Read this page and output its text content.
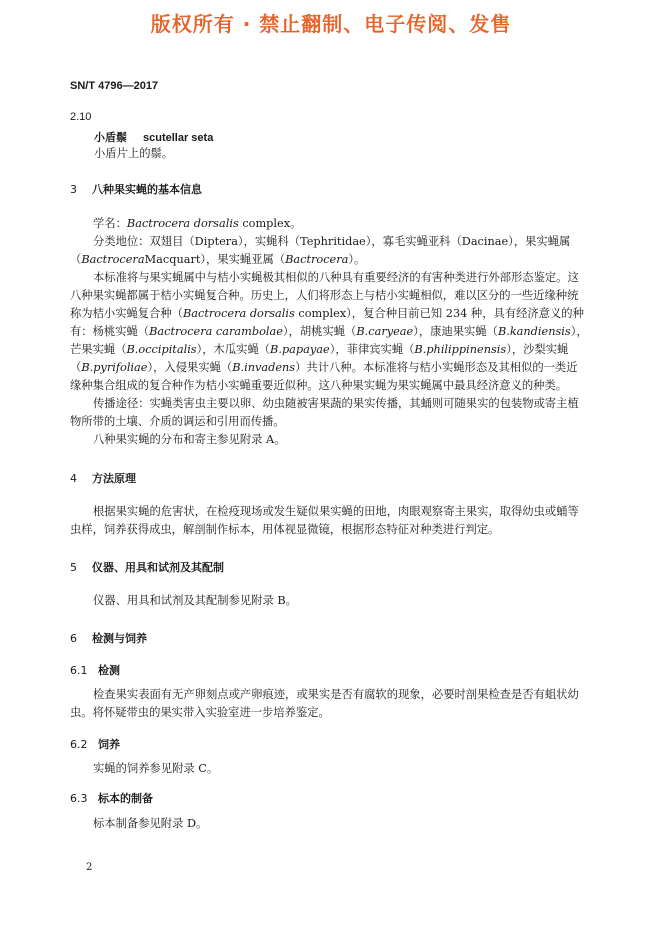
版权所有 · 禁止翻制、电子传阅、发售
SN/T 4796—2017
2.10
小盾鬃 scutellar seta

小盾片上的鬃。

3 八种果实蝇的基本信息

学名：Bactrocera dorsalis complex。

分类地位：双翅目（Diptera），实蝇科（Tephritidae），寡毛实蝇亚科（Dacinae），果实蝇属（BactroceraMacquart），果实蝇亚属（Bactrocera）。

本标准将与果实蝇属中与桔小实蝇极其相似的八种具有重要经济的有害种类进行外部形态鉴定。这八种果实蝇都属于桔小实蝇复合种。历史上，人们将形态上与桔小实蝇相似，难以区分的一些近缘种统称为桔小实蝇复合种（Bactrocera dorsalis complex），复合种目前已知 234 种，具有经济意义的种有：杨桃实蝇（Bactrocera carambolae），胡桃实蝇（B.caryeae），康迪果实蝇（B.kandiensis），芒果实蝇（B.occipitalis），木瓜实蝇（B.papayae），菲律宾实蝇（B.philippinensis），沙梨实蝇（B.pyrifoliae），入侵果实蝇（B.invadens）共计八种。本标准将与桔小实蝇形态及其相似的一类近缘种集合组成的复合种作为桔小实蝇重要近似种。这八种果实蝇为果实蝇属中最具经济意义的种类。

传播途径：实蝇类害虫主要以卵、幼虫随被害果蔬的果实传播，其蛹则可随果实的包装物或寄主植物所带的土壤、介质的调运和引用而传播。

八种果实蝇的分布和寄主参见附录 A。

4 方法原理

根据果实蝇的危害状，在检疫现场或发生疑似果实蝇的田地，肉眼观察寄主果实，取得幼虫或蛹等虫样，饲养获得成虫，解剖制作标本，用体视显微镜，根据形态特征对种类进行判定。

5 仪器、用具和试剂及其配制

仪器、用具和试剂及其配制参见附录 B。

6 检测与饲养
6.1 检测

检查果实表面有无产卵刻点或产卵痕迹，或果实是否有腐软的现象，必要时剖果检查是否有蛆状幼虫。将怀疑带虫的果实带入实验室进一步培养鉴定。

6.2 饲养

实蝇的饲养参见附录 C。

6.3 标本的制备

标本制备参见附录 D。

2
